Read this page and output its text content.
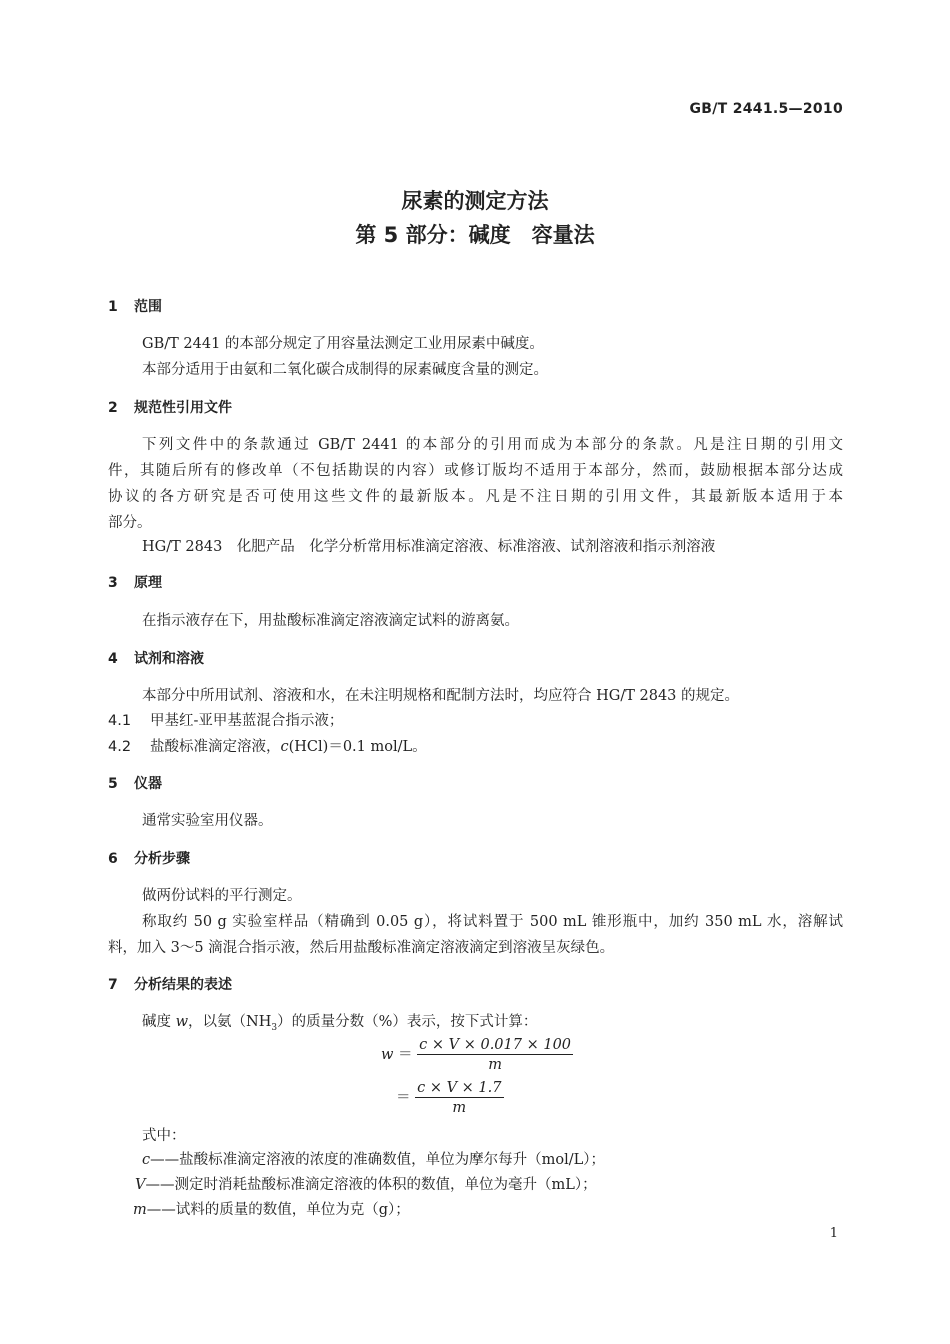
GB/T 2441.5—2010
尿素的测定方法
第 5 部分：碱度　容量法
1 范围
GB/T 2441 的本部分规定了用容量法测定工业用尿素中碱度。
本部分适用于由氨和二氧化碳合成制得的尿素碱度含量的测定。
2 规范性引用文件
下列文件中的条款通过 GB/T 2441 的本部分的引用而成为本部分的条款。凡是注日期的引用文
件，其随后所有的修改单（不包括勘误的内容）或修订版均不适用于本部分，然而，鼓励根据本部分达成
协议的各方研究是否可使用这些文件的最新版本。凡是不注日期的引用文件，其最新版本适用于本
部分。
HG/T 2843　化肥产品　化学分析常用标准滴定溶液、标准溶液、试剂溶液和指示剂溶液
3 原理
在指示液存在下，用盐酸标准滴定溶液滴定试料的游离氨。
4 试剂和溶液
本部分中所用试剂、溶液和水，在未注明规格和配制方法时，均应符合 HG/T 2843 的规定。
4.1 甲基红-亚甲基蓝混合指示液；
4.2 盐酸标准滴定溶液，c(HCl)＝0.1 mol/L。
5 仪器
通常实验室用仪器。
6 分析步骤
做两份试料的平行测定。
称取约 50 g 实验室样品（精确到 0.05 g），将试料置于 500 mL 锥形瓶中，加约 350 mL 水，溶解试
料，加入 3～5 滴混合指示液，然后用盐酸标准滴定溶液滴定到溶液呈灰绿色。
7 分析结果的表述
碱度 w，以氨$(NH_3)$的质量分数（%）表示，按下式计算：
$w = \frac{c \times V \times 0.017 \times 100}{m}$
＝ $\frac{c \times V \times 1.7}{m}$
式中：
c——盐酸标准滴定溶液的浓度的准确数值，单位为摩尔每升（mol/L）；
V——测定时消耗盐酸标准滴定溶液的体积的数值，单位为毫升（mL）；
m——试料的质量的数值，单位为克（g）；
1
